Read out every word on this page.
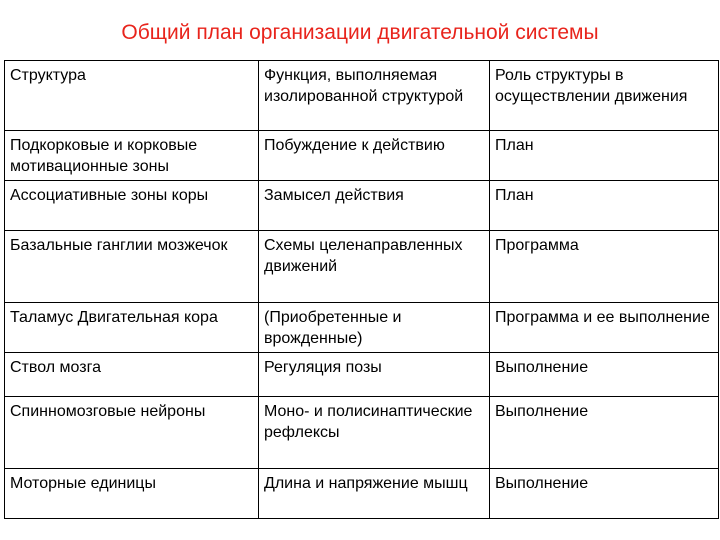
Общий план организации двигательной системы
Структура	Функция, выполняемая изолированной структурой	Роль структуры в осуществлении движения
Подкорковые и корковые мотивационные зоны	Побуждение к действию	План
Ассоциативные зоны коры	Замысел действия	План
Базальные ганглии мозжечок	Схемы целенаправленных движений	Программа
Таламус Двигательная кора	(Приобретенные и врожденные)	Программа и ее выполнение
Ствол мозга	Регуляция позы	Выполнение
Спинномозговые нейроны	Моно- и полисинаптические рефлексы	Выполнение
Моторные единицы	Длина и напряжение мышц	Выполнение
